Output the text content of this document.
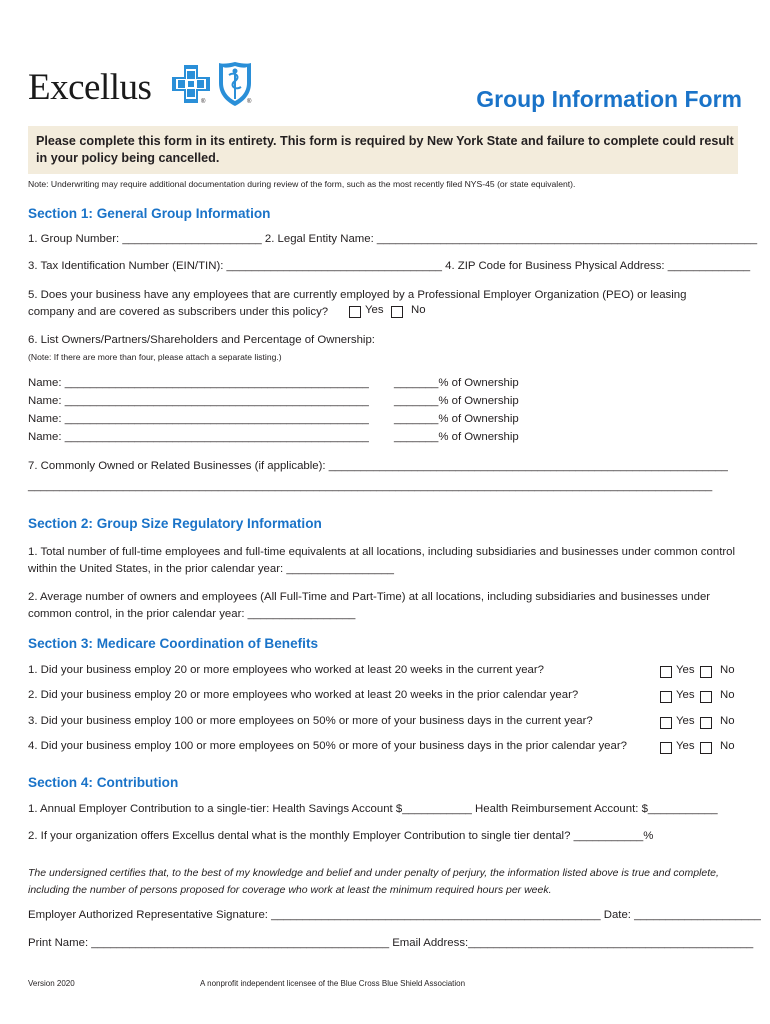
Excellus	®	®	Group Information Form
Please complete this form in its entirety. This form is required by New York State and failure to complete could result in your policy being cancelled.
Note: Underwriting may require additional documentation during review of the form, such as the most recently filed NYS-45 (or state equivalent).
Section 1: General Group Information
1. Group Number: ______________________ 2. Legal Entity Name: ____________________________________________________________
3. Tax Identification Number (EIN/TIN): __________________________________ 4. ZIP Code for Business Physical Address: _____________
5. Does your business have any employees that are currently employed by a Professional Employer Organization (PEO) or leasing company and are covered as subscribers under this policy?	Yes No
6. List Owners/Partners/Shareholders and Percentage of Ownership:
(Note: If there are more than four, please attach a separate listing.)
Name: ________________________________________________ _______% of Ownership
Name: ________________________________________________ _______% of Ownership
Name: ________________________________________________ _______% of Ownership
Name: ________________________________________________ _______% of Ownership
7. Commonly Owned or Related Businesses (if applicable): _______________________________________________________________
____________________________________________________________________________________________________________
Section 2: Group Size Regulatory Information
1. Total number of full-time employees and full-time equivalents at all locations, including subsidiaries and businesses under common control within the United States, in the prior calendar year: _________________
2. Average number of owners and employees (All Full-Time and Part-Time) at all locations, including subsidiaries and businesses under common control, in the prior calendar year: _________________
Section 3: Medicare Coordination of Benefits
1. Did your business employ 20 or more employees who worked at least 20 weeks in the current year?	Yes No
2. Did your business employ 20 or more employees who worked at least 20 weeks in the prior calendar year?	Yes No
3. Did your business employ 100 or more employees on 50% or more of your business days in the current year?	Yes No
4. Did your business employ 100 or more employees on 50% or more of your business days in the prior calendar year?	Yes No
Section 4: Contribution
1. Annual Employer Contribution to a single-tier: Health Savings Account $___________ Health Reimbursement Account: $___________
2. If your organization offers Excellus dental what is the monthly Employer Contribution to single tier dental? ___________%
The undersigned certifies that, to the best of my knowledge and belief and under penalty of perjury, the information listed above is true and complete, including the number of persons proposed for coverage who work at least the minimum required hours per week.
Employer Authorized Representative Signature: ____________________________________________________ Date: ____________________
Print Name: _______________________________________________ Email Address:_____________________________________________
Version 2020	A nonprofit independent licensee of the Blue Cross Blue Shield Association
